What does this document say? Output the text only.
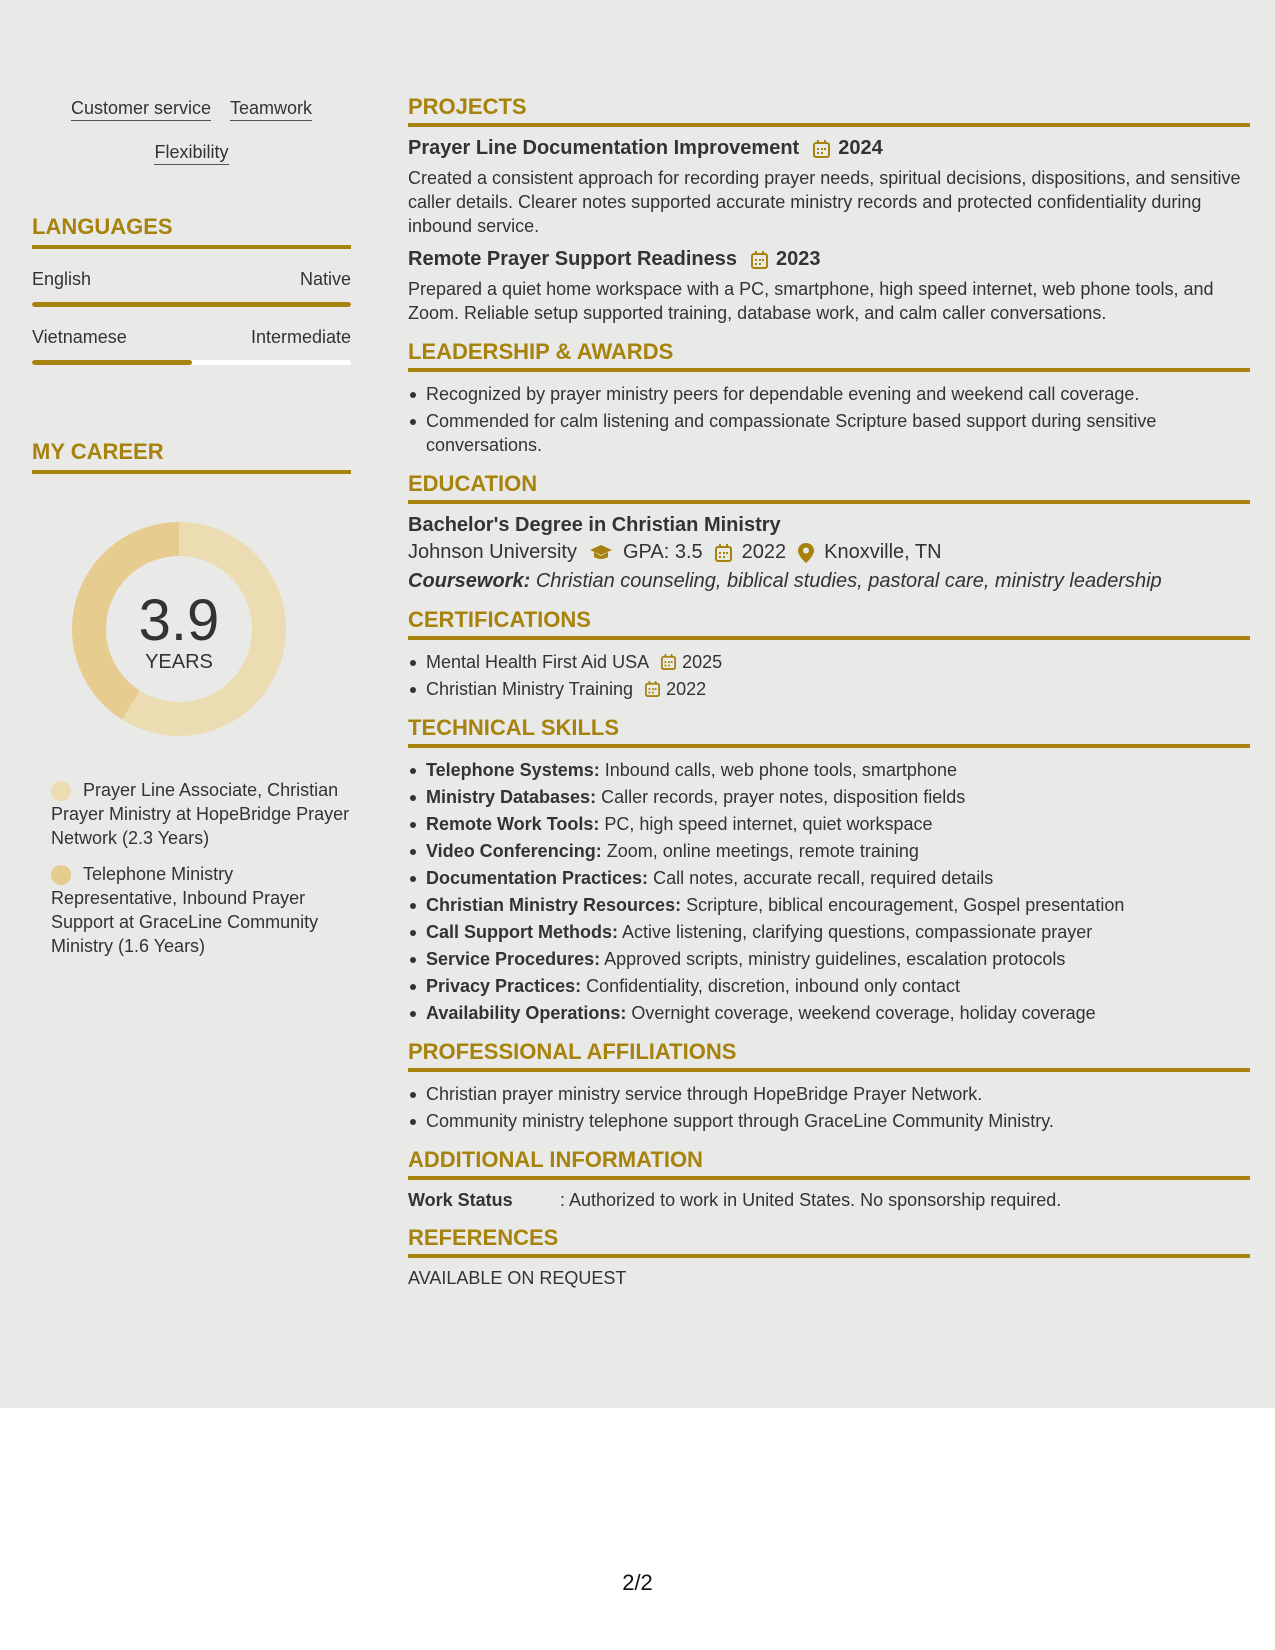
Customer service Teamwork
Flexibility
LANGUAGES
English	Native
Vietnamese	Intermediate
MY CAREER
3.9
YEARS
Prayer Line Associate, Christian Prayer Ministry at HopeBridge Prayer Network (2.3 Years)
Telephone Ministry Representative, Inbound Prayer Support at GraceLine Community Ministry (1.6 Years)
PROJECTS
Prayer Line Documentation Improvement 2024
Created a consistent approach for recording prayer needs, spiritual decisions, dispositions, and sensitive caller details. Clearer notes supported accurate ministry records and protected confidentiality during inbound service.
Remote Prayer Support Readiness 2023
Prepared a quiet home workspace with a PC, smartphone, high speed internet, web phone tools, and Zoom. Reliable setup supported training, database work, and calm caller conversations.
LEADERSHIP & AWARDS
Recognized by prayer ministry peers for dependable evening and weekend call coverage.
Commended for calm listening and compassionate Scripture based support during sensitive conversations.
EDUCATION
Bachelor's Degree in Christian Ministry
Johnson University GPA: 3.5 2022 Knoxville, TN
Coursework: Christian counseling, biblical studies, pastoral care, ministry leadership
CERTIFICATIONS
Mental Health First Aid USA 2025
Christian Ministry Training 2022
TECHNICAL SKILLS
Telephone Systems: Inbound calls, web phone tools, smartphone
Ministry Databases: Caller records, prayer notes, disposition fields
Remote Work Tools: PC, high speed internet, quiet workspace
Video Conferencing: Zoom, online meetings, remote training
Documentation Practices: Call notes, accurate recall, required details
Christian Ministry Resources: Scripture, biblical encouragement, Gospel presentation
Call Support Methods: Active listening, clarifying questions, compassionate prayer
Service Procedures: Approved scripts, ministry guidelines, escalation protocols
Privacy Practices: Confidentiality, discretion, inbound only contact
Availability Operations: Overnight coverage, weekend coverage, holiday coverage
PROFESSIONAL AFFILIATIONS
Christian prayer ministry service through HopeBridge Prayer Network.
Community ministry telephone support through GraceLine Community Ministry.
ADDITIONAL INFORMATION
Work Status	: Authorized to work in United States. No sponsorship required.
REFERENCES
AVAILABLE ON REQUEST
2/2
